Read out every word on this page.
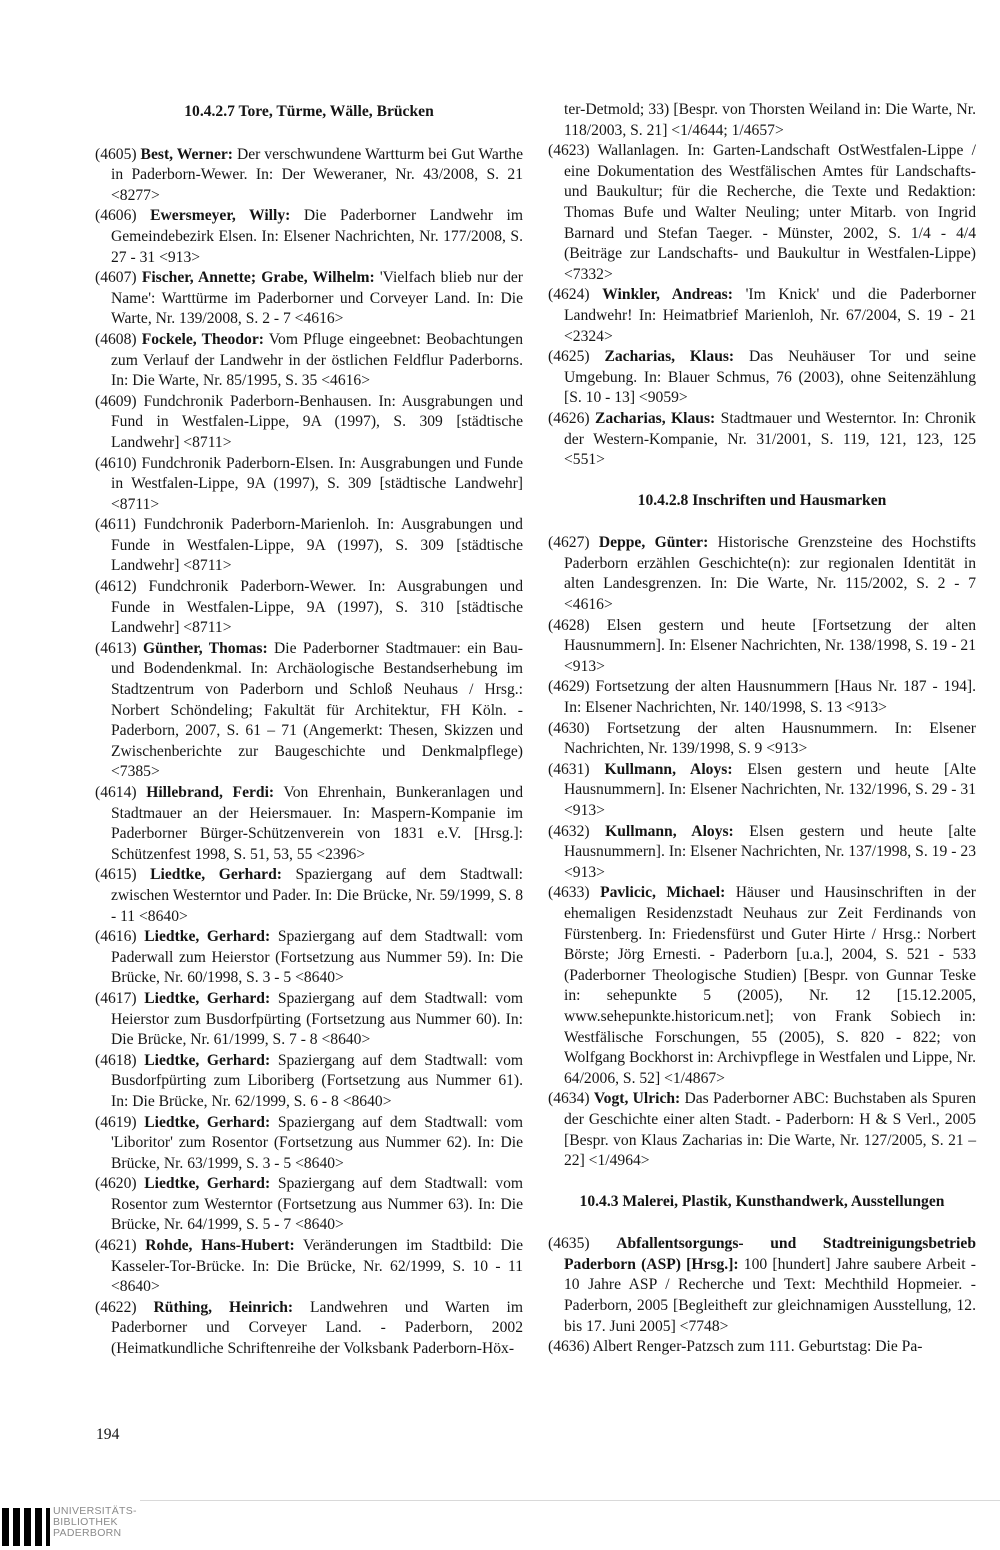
10.4.2.7 Tore, Türme, Wälle, Brücken

(4605) Best, Werner: Der verschwundene Wartturm bei Gut Warthe in Paderborn-Wewer. In: Der Weweraner, Nr. 43/2008, S. 21 <8277>

(4606) Ewersmeyer, Willy: Die Paderborner Landwehr im Gemeindebezirk Elsen. In: Elsener Nachrichten, Nr. 177/2008, S. 27 - 31 <913>

(4607) Fischer, Annette; Grabe, Wilhelm: 'Vielfach blieb nur der Name': Warttürme im Paderborner und Corveyer Land. In: Die Warte, Nr. 139/2008, S. 2 - 7 <4616>

(4608) Fockele, Theodor: Vom Pfluge eingeebnet: Beobachtungen zum Verlauf der Landwehr in der östlichen Feldflur Paderborns. In: Die Warte, Nr. 85/1995, S. 35 <4616>

(4609) Fundchronik Paderborn-Benhausen. In: Ausgrabungen und Fund in Westfalen-Lippe, 9A (1997), S. 309 [städtische Landwehr] <8711>

(4610) Fundchronik Paderborn-Elsen. In: Ausgrabungen und Funde in Westfalen-Lippe, 9A (1997), S. 309 [städtische Landwehr] <8711>

(4611) Fundchronik Paderborn-Marienloh. In: Ausgrabungen und Funde in Westfalen-Lippe, 9A (1997), S. 309 [städtische Landwehr] <8711>

(4612) Fundchronik Paderborn-Wewer. In: Ausgrabungen und Funde in Westfalen-Lippe, 9A (1997), S. 310 [städtische Landwehr] <8711>

(4613) Günther, Thomas: Die Paderborner Stadtmauer: ein Bau- und Bodendenkmal. In: Archäologische Bestandserhebung im Stadtzentrum von Paderborn und Schloß Neuhaus / Hrsg.: Norbert Schöndeling; Fakultät für Architektur, FH Köln. - Paderborn, 2007, S. 61 – 71 (Angemerkt: Thesen, Skizzen und Zwischenberichte zur Baugeschichte und Denkmalpflege) <7385>

(4614) Hillebrand, Ferdi: Von Ehrenhain, Bunkeranlagen und Stadtmauer an der Heiersmauer. In: Maspern-Kompanie im Paderborner Bürger-Schützenverein von 1831 e.V. [Hrsg.]: Schützenfest 1998, S. 51, 53, 55 <2396>

(4615) Liedtke, Gerhard: Spaziergang auf dem Stadtwall: zwischen Westerntor und Pader. In: Die Brücke, Nr. 59/1999, S. 8 - 11 <8640>

(4616) Liedtke, Gerhard: Spaziergang auf dem Stadtwall: vom Paderwall zum Heierstor (Fortsetzung aus Nummer 59). In: Die Brücke, Nr. 60/1998, S. 3 - 5 <8640>

(4617) Liedtke, Gerhard: Spaziergang auf dem Stadtwall: vom Heierstor zum Busdorfpürting (Fortsetzung aus Nummer 60). In: Die Brücke, Nr. 61/1999, S. 7 - 8 <8640>

(4618) Liedtke, Gerhard: Spaziergang auf dem Stadtwall: vom Busdorfpürting zum Liboriberg (Fortsetzung aus Nummer 61). In: Die Brücke, Nr. 62/1999, S. 6 - 8 <8640>

(4619) Liedtke, Gerhard: Spaziergang auf dem Stadtwall: vom 'Liboritor' zum Rosentor (Fortsetzung aus Nummer 62). In: Die Brücke, Nr. 63/1999, S. 3 - 5 <8640>

(4620) Liedtke, Gerhard: Spaziergang auf dem Stadtwall: vom Rosentor zum Westerntor (Fortsetzung aus Nummer 63). In: Die Brücke, Nr. 64/1999, S. 5 - 7 <8640>

(4621) Rohde, Hans-Hubert: Veränderungen im Stadtbild: Die Kasseler-Tor-Brücke. In: Die Brücke, Nr. 62/1999, S. 10 - 11 <8640>

(4622) Rüthing, Heinrich: Landwehren und Warten im Paderborner und Corveyer Land. - Paderborn, 2002 (Heimatkundliche Schriftenreihe der Volksbank Paderborn-Höx-

ter-Detmold; 33) [Bespr. von Thorsten Weiland in: Die Warte, Nr. 118/2003, S. 21] <1/4644; 1/4657>

(4623) Wallanlagen. In: Garten-Landschaft OstWestfalen-Lippe / eine Dokumentation des Westfälischen Amtes für Landschafts- und Baukultur; für die Recherche, die Texte und Redaktion: Thomas Bufe und Walter Neuling; unter Mitarb. von Ingrid Barnard und Stefan Taeger. - Münster, 2002, S. 1/4 - 4/4 (Beiträge zur Landschafts- und Baukultur in Westfalen-Lippe) <7332>

(4624) Winkler, Andreas: 'Im Knick' und die Paderborner Landwehr! In: Heimatbrief Marienloh, Nr. 67/2004, S. 19 - 21 <2324>

(4625) Zacharias, Klaus: Das Neuhäuser Tor und seine Umgebung. In: Blauer Schmus, 76 (2003), ohne Seitenzählung [S. 10 - 13] <9059>

(4626) Zacharias, Klaus: Stadtmauer und Westerntor. In: Chronik der Western-Kompanie, Nr. 31/2001, S. 119, 121, 123, 125 <551>

10.4.2.8 Inschriften und Hausmarken

(4627) Deppe, Günter: Historische Grenzsteine des Hochstifts Paderborn erzählen Geschichte(n): zur regionalen Identität in alten Landesgrenzen. In: Die Warte, Nr. 115/2002, S. 2 - 7 <4616>

(4628) Elsen gestern und heute [Fortsetzung der alten Hausnummern]. In: Elsener Nachrichten, Nr. 138/1998, S. 19 - 21 <913>

(4629) Fortsetzung der alten Hausnummern [Haus Nr. 187 - 194]. In: Elsener Nachrichten, Nr. 140/1998, S. 13 <913>

(4630) Fortsetzung der alten Hausnummern. In: Elsener Nachrichten, Nr. 139/1998, S. 9 <913>

(4631) Kullmann, Aloys: Elsen gestern und heute [Alte Hausnummern]. In: Elsener Nachrichten, Nr. 132/1996, S. 29 - 31 <913>

(4632) Kullmann, Aloys: Elsen gestern und heute [alte Hausnummern]. In: Elsener Nachrichten, Nr. 137/1998, S. 19 - 23 <913>

(4633) Pavlicic, Michael: Häuser und Hausinschriften in der ehemaligen Residenzstadt Neuhaus zur Zeit Ferdinands von Fürstenberg. In: Friedensfürst und Guter Hirte / Hrsg.: Norbert Börste; Jörg Ernesti. - Paderborn [u.a.], 2004, S. 521 - 533 (Paderborner Theologische Studien) [Bespr. von Gunnar Teske in: sehepunkte 5 (2005), Nr. 12 [15.12.2005, www.sehepunkte.historicum.net]; von Frank Sobiech in: Westfälische Forschungen, 55 (2005), S. 820 - 822; von Wolfgang Bockhorst in: Archivpflege in Westfalen und Lippe, Nr. 64/2006, S. 52] <1/4867>

(4634) Vogt, Ulrich: Das Paderborner ABC: Buchstaben als Spuren der Geschichte einer alten Stadt. - Paderborn: H & S Verl., 2005 [Bespr. von Klaus Zacharias in: Die Warte, Nr. 127/2005, S. 21 – 22] <1/4964>

10.4.3 Malerei, Plastik, Kunsthandwerk, Ausstellungen

(4635) Abfallentsorgungs- und Stadtreinigungsbetrieb Paderborn (ASP) [Hrsg.]: 100 [hundert] Jahre saubere Arbeit - 10 Jahre ASP / Recherche und Text: Mechthild Hopmeier. - Paderborn, 2005 [Begleitheft zur gleichnamigen Ausstellung, 12. bis 17. Juni 2005] <7748>

(4636) Albert Renger-Patzsch zum 111. Geburtstag: Die Pa-

194
UNIVERSITÄTS-
BIBLIOTHEK
PADERBORN
